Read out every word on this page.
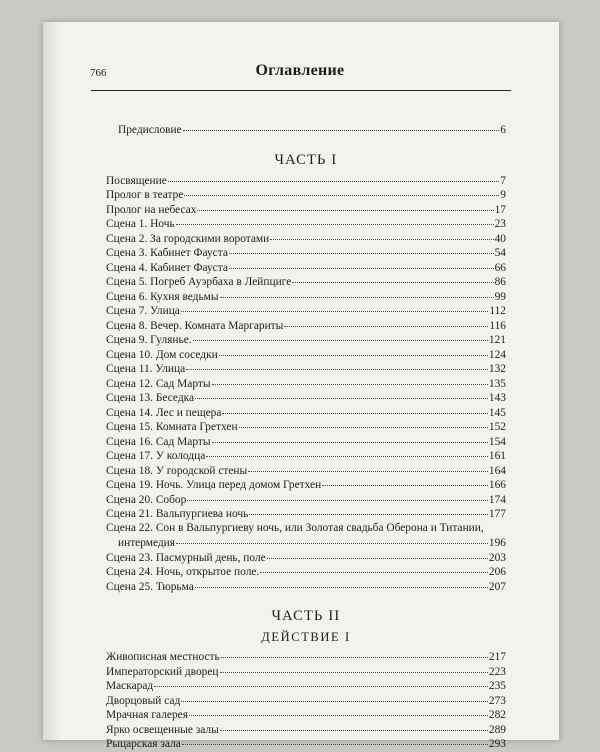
766	Оглавление
Предисловие	6
ЧАСТЬ I
Посвящение	7
Пролог в театре	9
Пролог на небесах	17
Сцена 1. Ночь	23
Сцена 2. За городскими воротами	40
Сцена 3. Кабинет Фауста	54
Сцена 4. Кабинет Фауста	66
Сцена 5. Погреб Ауэрбаха в Лейпциге	86
Сцена 6. Кухня ведьмы	99
Сцена 7. Улица	112
Сцена 8. Вечер. Комната Маргариты	116
Сцена 9. Гулянье.	121
Сцена 10. Дом соседки	124
Сцена 11. Улица	132
Сцена 12. Сад Марты	135
Сцена 13. Беседка	143
Сцена 14. Лес и пещера	145
Сцена 15. Комната Гретхен	152
Сцена 16. Сад Марты	154
Сцена 17. У колодца	161
Сцена 18. У городской стены	164
Сцена 19. Ночь. Улица перед домом Гретхен	166
Сцена 20. Собор	174
Сцена 21. Вальпургиева ночь	177
Сцена 22. Сон в Вальпургиеву ночь, или Золотая свадьба Оберона и Титании,
интермедия	196
Сцена 23. Пасмурный день, поле	203
Сцена 24. Ночь, открытое поле.	206
Сцена 25. Тюрьма	207
ЧАСТЬ II
ДЕЙСТВИЕ I
Живописная местность	217
Императорский дворец	223
Маскарад	235
Дворцовый сад	273
Мрачная галерея	282
Ярко освещенные залы	289
Рыцарская зала	293
